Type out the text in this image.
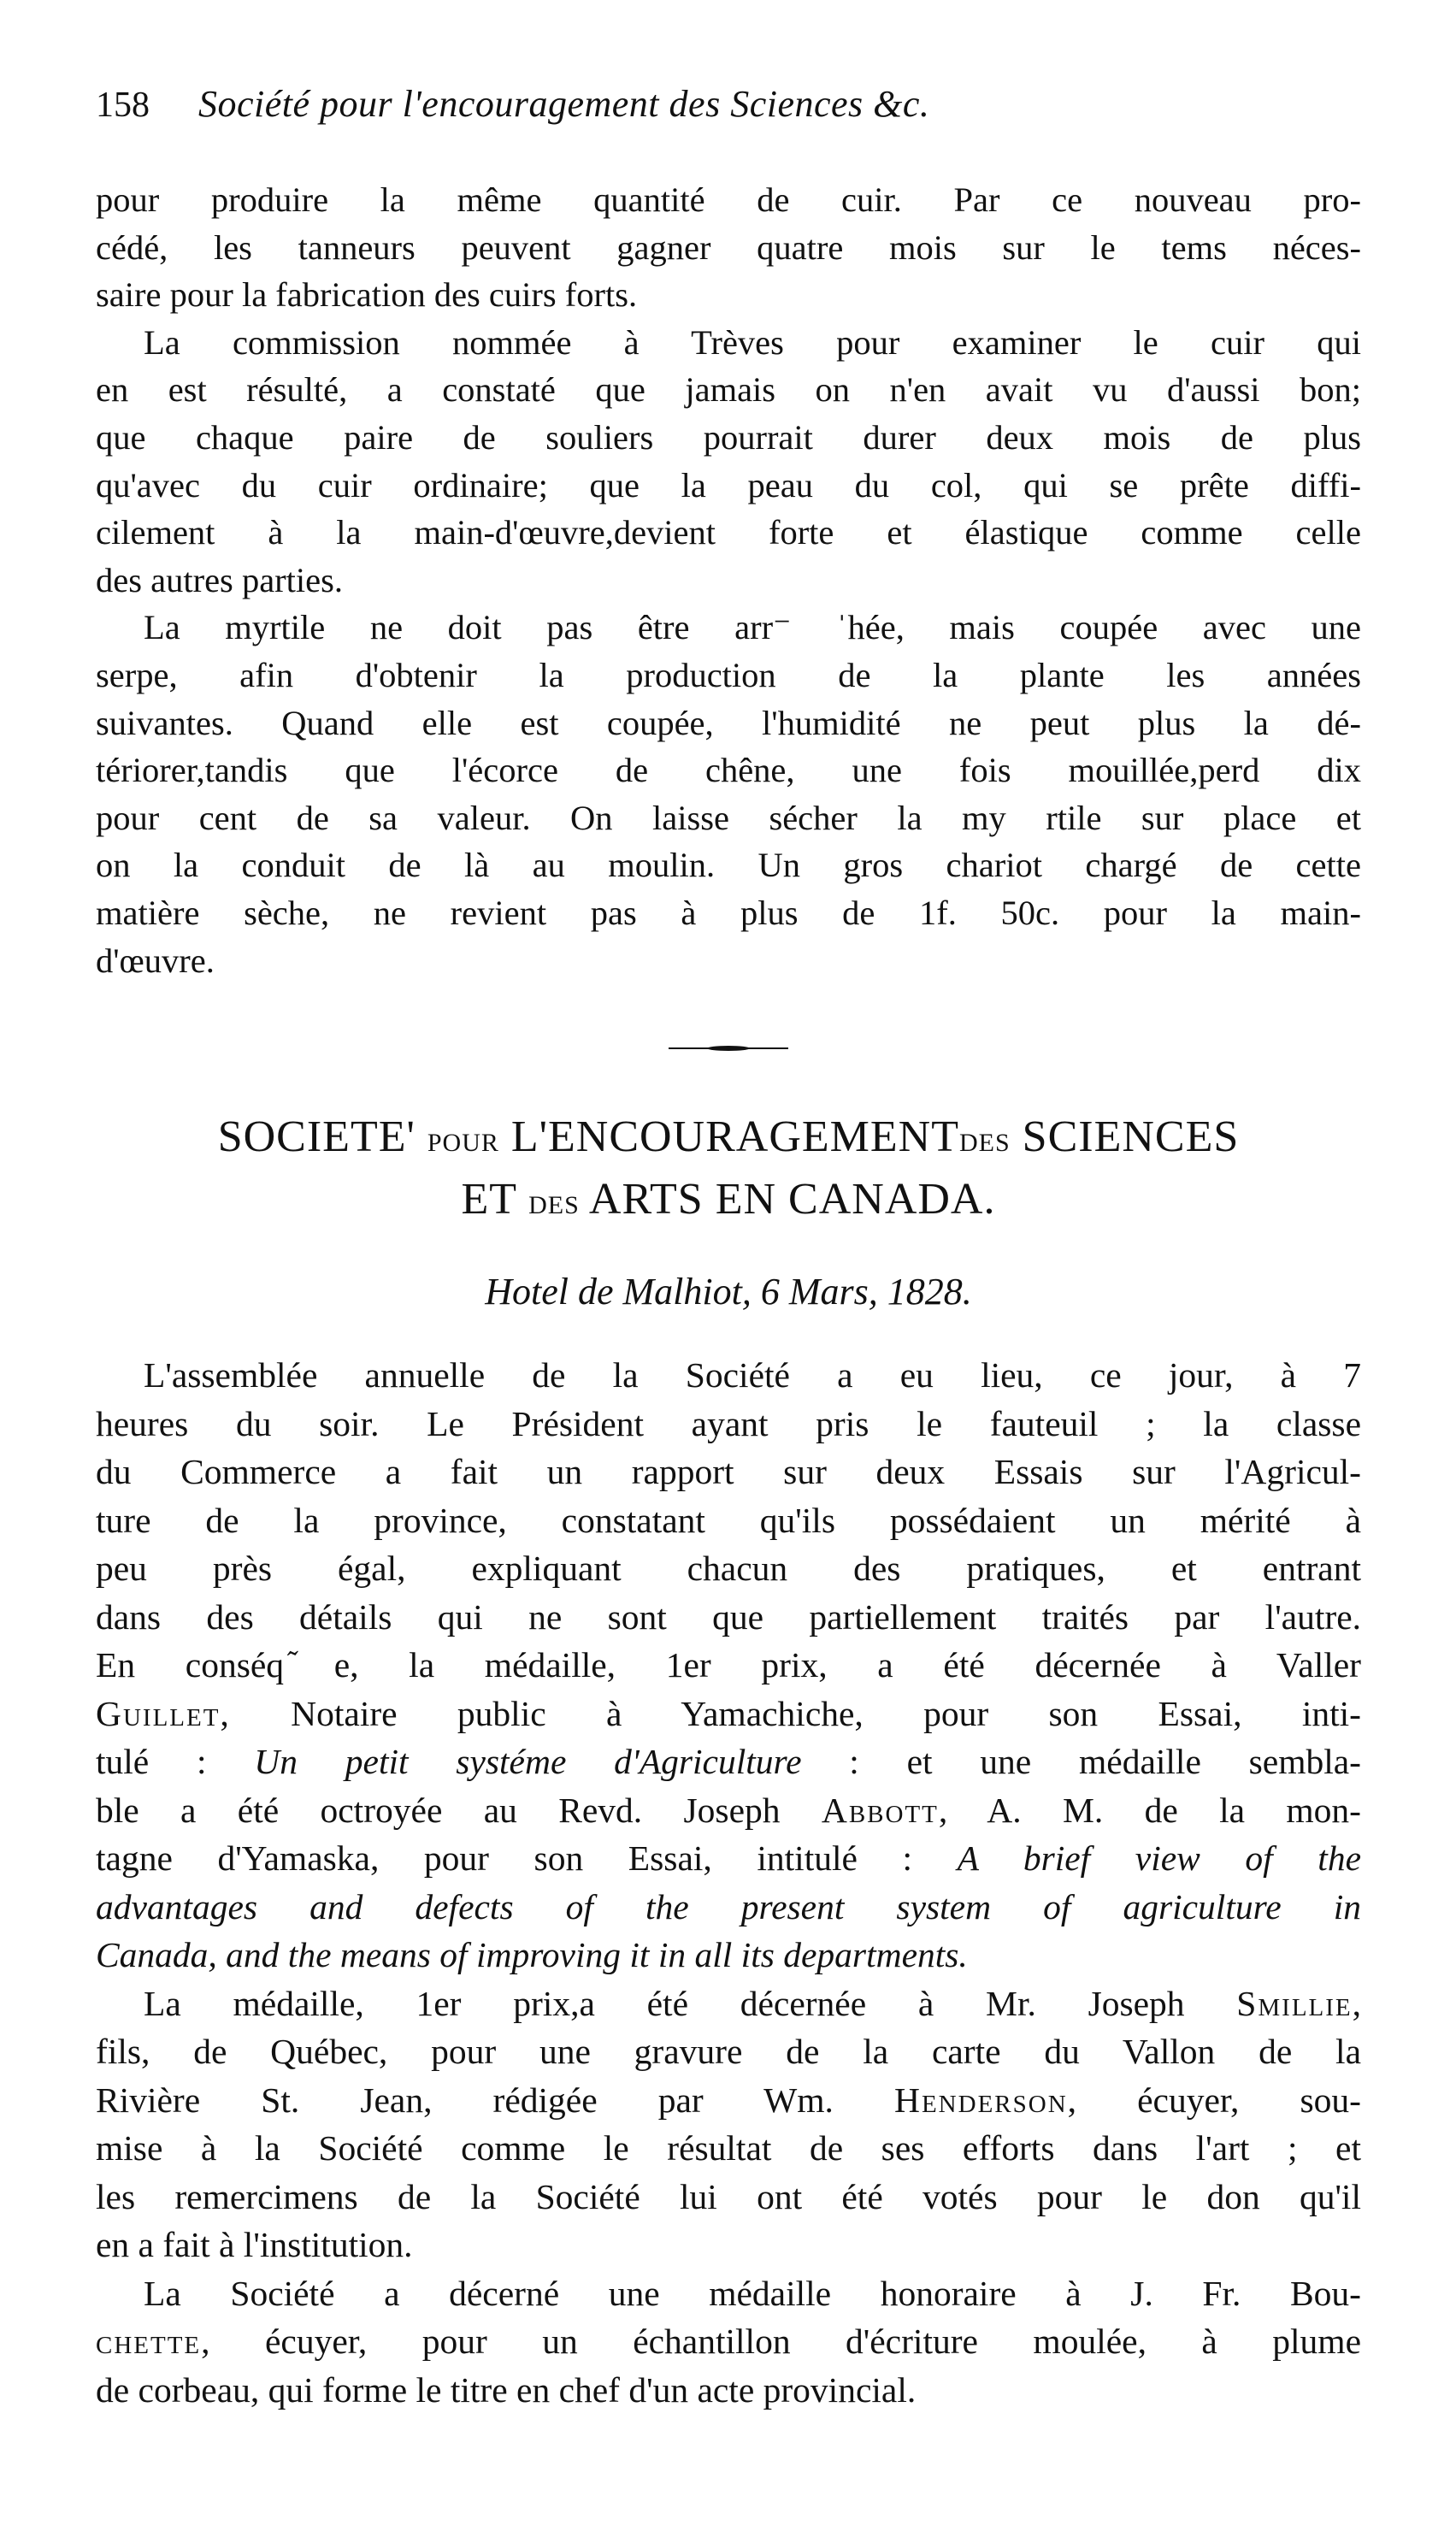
158	Société pour l'encouragement des Sciences &c.

pour produire la même quantité de cuir. Par ce nouveau pro-
cédé, les tanneurs peuvent gagner quatre mois sur le tems néces-
saire pour la fabrication des cuirs forts.

La commission nommée à Trèves pour examiner le cuir qui
en est résulté, a constaté que jamais on n'en avait vu d'aussi bon;
que chaque paire de souliers pourrait durer deux mois de plus
qu'avec du cuir ordinaire; que la peau du col, qui se prête diffi-
cilement à la main-d'œuvre,devient forte et élastique comme celle
des autres parties.

La myrtile ne doit pas être arr⁻ ˈhée, mais coupée avec une
serpe, afin d'obtenir la production de la plante les années
suivantes. Quand elle est coupée, l'humidité ne peut plus la dé-
tériorer,tandis que l'écorce de chêne, une fois mouillée,perd dix
pour cent de sa valeur. On laisse sécher la my rtile sur place et
on la conduit de là au moulin. Un gros chariot chargé de cette
matière sèche, ne revient pas à plus de 1f. 50c. pour la main-
d'œuvre.

SOCIETE' POUR L'ENCOURAGEMENTDES SCIENCES
ET DES ARTS EN CANADA.
Hotel de Malhiot, 6 Mars, 1828.

L'assemblée annuelle de la Société a eu lieu, ce jour, à 7
heures du soir. Le Président ayant pris le fauteuil ; la classe
du Commerce a fait un rapport sur deux Essais sur l'Agricul-
ture de la province, constatant qu'ils possédaient un mérité à
peu près égal, expliquant chacun des pratiques, et entrant
dans des détails qui ne sont que partiellement traités par l'autre.
En conséq ᷉e, la médaille, 1er prix, a été décernée à Valler
Guillet, Notaire public à Yamachiche, pour son Essai, inti-
tulé : Un petit systéme d'Agriculture : et une médaille sembla-
ble a été octroyée au Revd. Joseph Abbott, A. M. de la mon-
tagne d'Yamaska, pour son Essai, intitulé : A brief view of the
advantages and defects of the present system of agriculture in
Canada, and the means of improving it in all its departments.

La médaille, 1er prix,a été décernée à Mr. Joseph Smillie,
fils, de Québec, pour une gravure de la carte du Vallon de la
Rivière St. Jean, rédigée par Wm. Henderson, écuyer, sou-
mise à la Société comme le résultat de ses efforts dans l'art ; et
les remercimens de la Société lui ont été votés pour le don qu'il
en a fait à l'institution.

La Société a décerné une médaille honoraire à J. Fr. Bou-
chette, écuyer, pour un échantillon d'écriture moulée, à plume
de corbeau, qui forme le titre en chef d'un acte provincial.
